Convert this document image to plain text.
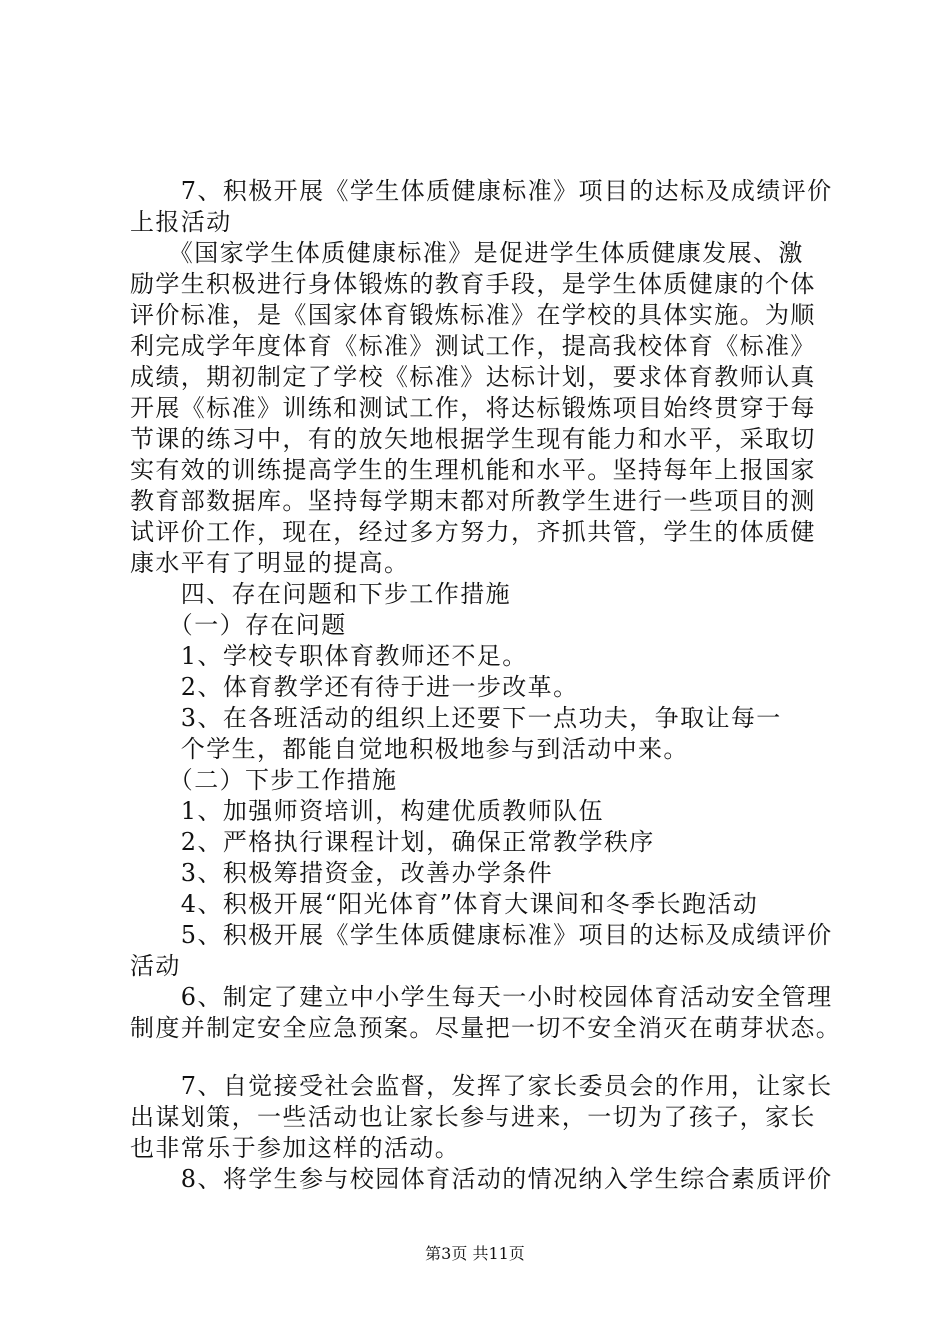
　　7、积极开展《学生体质健康标准》项目的达标及成绩评价
上报活动
　　《国家学生体质健康标准》是促进学生体质健康发展、激
励学生积极进行身体锻炼的教育手段，是学生体质健康的个体
评价标准，是《国家体育锻炼标准》在学校的具体实施。为顺
利完成学年度体育《标准》测试工作，提高我校体育《标准》
成绩，期初制定了学校《标准》达标计划，要求体育教师认真
开展《标准》训练和测试工作，将达标锻炼项目始终贯穿于每
节课的练习中，有的放矢地根据学生现有能力和水平，采取切
实有效的训练提高学生的生理机能和水平。坚持每年上报国家
教育部数据库。坚持每学期末都对所教学生进行一些项目的测
试评价工作，现在，经过多方努力，齐抓共管，学生的体质健
康水平有了明显的提高。
　　四、存在问题和下步工作措施
　　（一）存在问题
　　1、学校专职体育教师还不足。
　　2、体育教学还有待于进一步改革。
　　3、在各班活动的组织上还要下一点功夫，争取让每一
　　个学生，都能自觉地积极地参与到活动中来。
　　（二）下步工作措施
　　1、加强师资培训，构建优质教师队伍
　　2、严格执行课程计划，确保正常教学秩序
　　3、积极筹措资金，改善办学条件
　　4、积极开展“阳光体育”体育大课间和冬季长跑活动
　　5、积极开展《学生体质健康标准》项目的达标及成绩评价
活动
　　6、制定了建立中小学生每天一小时校园体育活动安全管理
制度并制定安全应急预案。尽量把一切不安全消灭在萌芽状态。
　　7、自觉接受社会监督，发挥了家长委员会的作用，让家长
出谋划策，一些活动也让家长参与进来，一切为了孩子，家长
也非常乐于参加这样的活动。
　　8、将学生参与校园体育活动的情况纳入学生综合素质评价
第3页 共11页
